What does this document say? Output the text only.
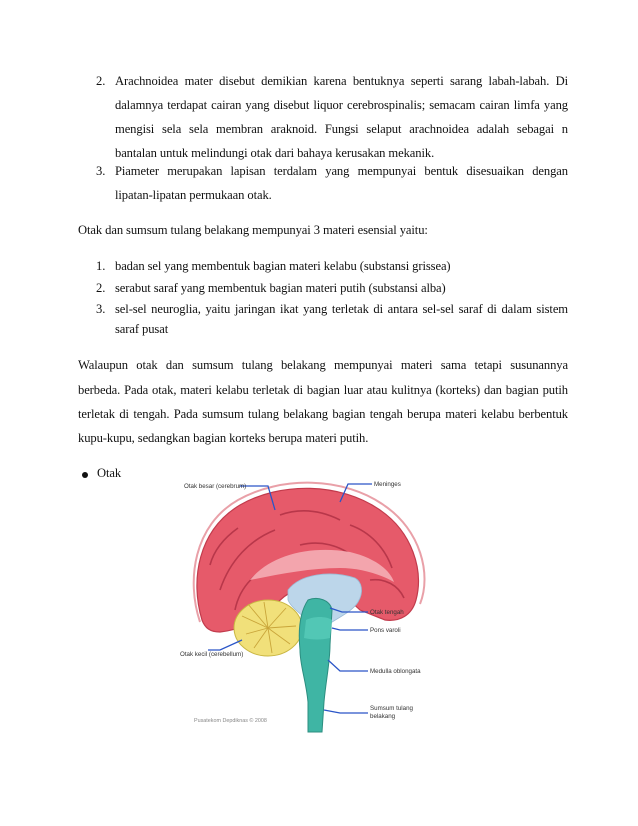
2. Arachnoidea mater disebut demikian karena bentuknya seperti sarang labah-labah. Di
dalamnya terdapat cairan yang disebut liquor cerebrospinalis; semacam cairan limfa yang
mengisi sela sela membran araknoid. Fungsi selaput arachnoidea adalah sebagai n
bantalan untuk melindungi otak dari bahaya kerusakan mekanik.
3. Piameter merupakan lapisan terdalam yang mempunyai bentuk disesuaikan dengan
lipatan-lipatan permukaan otak.
Otak dan sumsum tulang belakang mempunyai 3 materi esensial yaitu:
1. badan sel yang membentuk bagian materi kelabu (substansi grissea)
2. serabut saraf yang membentuk bagian materi putih (substansi alba)
3. sel-sel neuroglia, yaitu jaringan ikat yang terletak di antara sel-sel saraf di dalam sistem
saraf pusat
Walaupun otak dan sumsum tulang belakang mempunyai materi sama tetapi susunannya
berbeda. Pada otak, materi kelabu terletak di bagian luar atau kulitnya (korteks) dan bagian putih
terletak di tengah. Pada sumsum tulang belakang bagian tengah berupa materi kelabu berbentuk
kupu-kupu, sedangkan bagian korteks berupa materi putih.
Otak
Otak besar (cerebrum)	Meninges
Otak tengah
Pons varoli
Otak kecil (cerebellum)
Medulla oblongata
Sumsum tulang
belakang
Pusatekom Depdiknas © 2008
